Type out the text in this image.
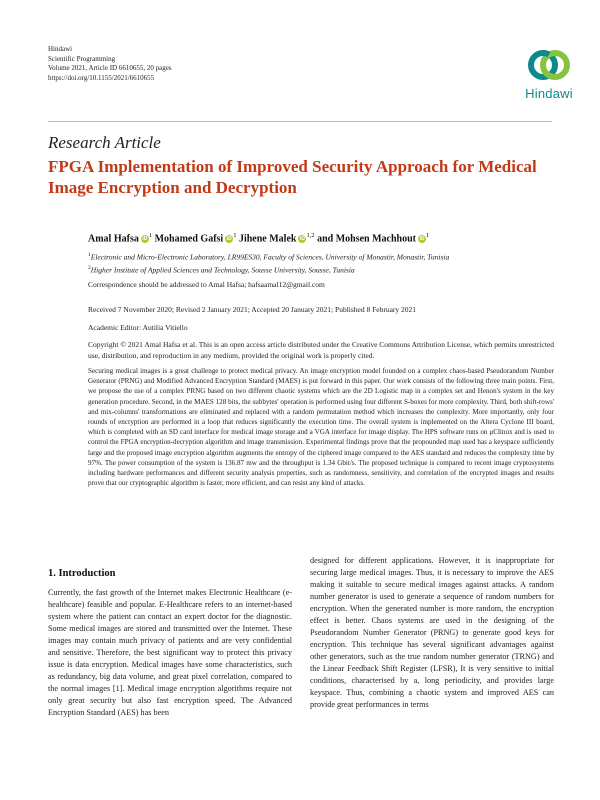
Hindawi
Scientific Programming
Volume 2021, Article ID 6610655, 20 pages
https://doi.org/10.1155/2021/6610655
Hindawi
Research Article
FPGA Implementation of Improved Security Approach for Medical Image Encryption and Decryption
Amal Hafsa $iD^1$ Mohamed Gafsi $iD^1$ Jihene Malek iD$^{1,2}$ and Mohsen Machhout $iD^1$
$^1$Electronic and Micro-Electronic Laboratory, LR99ES30, Faculty of Sciences, University of Monastir, Monastir, Tunisia
$^2$Higher Institute of Applied Sciences and Technology, Sousse University, Sousse, Tunisia
Correspondence should be addressed to Amal Hafsa; hafsaamal12@gmail.com
Received 7 November 2020; Revised 2 January 2021; Accepted 20 January 2021; Published 8 February 2021
Academic Editor: Autilia Vitiello
Copyright © 2021 Amal Hafsa et al. This is an open access article distributed under the Creative Commons Attribution License, which permits unrestricted use, distribution, and reproduction in any medium, provided the original work is properly cited.
Securing medical images is a great challenge to protect medical privacy. An image encryption model founded on a complex chaos-based Pseudorandom Number Generator (PRNG) and Modified Advanced Encryption Standard (MAES) is put forward in this paper. Our work consists of the following three main points. First, we propose the use of a complex PRNG based on two different chaotic systems which are the 2D Logistic map in a complex set and Henon's system in the key generation procedure. Second, in the MAES 128 bits, the subbytes' operation is performed using four different S-boxes for more complexity. Third, both shift-rows' and mix-columns' transformations are eliminated and replaced with a random permutation method which increases the complexity. More importantly, only four rounds of encryption are performed in a loop that reduces significantly the execution time. The overall system is implemented on the Altera Cyclone III board, which is completed with an SD card interface for medical image storage and a VGA interface for image display. The HPS software runs on μClinux and is used to control the FPGA encryption-decryption algorithm and image transmission. Experimental findings prove that the propounded map used has a keyspace sufficiently large and the proposed image encryption algorithm augments the entropy of the ciphered image compared to the AES standard and reduces the complexity time by 97%. The power consumption of the system is 136.87 mw and the throughput is 1.34 Gbit/s. The proposed technique is compared to recent image cryptosystems including hardware performances and different security analysis properties, such as randomness, sensitivity, and correlation of the encrypted images and results prove that our cryptographic algorithm is faster, more efficient, and can resist any kind of attacks.
1. Introduction
Currently, the fast growth of the Internet makes Electronic Healthcare (e-healthcare) feasible and popular. E-Healthcare refers to an internet-based system where the patient can contact an expert doctor for the diagnostic. Some medical images are stored and transmitted over the Internet. These images may contain much privacy of patients and are very confidential and sensitive. Therefore, the best significant way to protect this privacy issue is data encryption. Medical images have some characteristics, such as redundancy, big data volume, and great pixel correlation, compared to the normal images [1]. Medical image encryption algorithms require not only great security but also fast encryption speed. The Advanced Encryption Standard (AES) has been
designed for different applications. However, it is inappropriate for securing large medical images. Thus, it is necessary to improve the AES making it suitable to secure medical images against attacks. A random number generator is used to generate a sequence of random numbers for encryption. When the generated number is more random, the encryption effect is better. Chaos systems are used in the designing of the Pseudorandom Number Generator (PRNG) to generate good keys for encryption. This technique has several significant advantages against other generators, such as the true random number generator (TRNG) and the Linear Feedback Shift Register (LFSR), It is very sensitive to initial conditions, characterised by a, long periodicity, and provides large keyspace. Thus, combining a chaotic system and improved AES can provide great performances in terms
